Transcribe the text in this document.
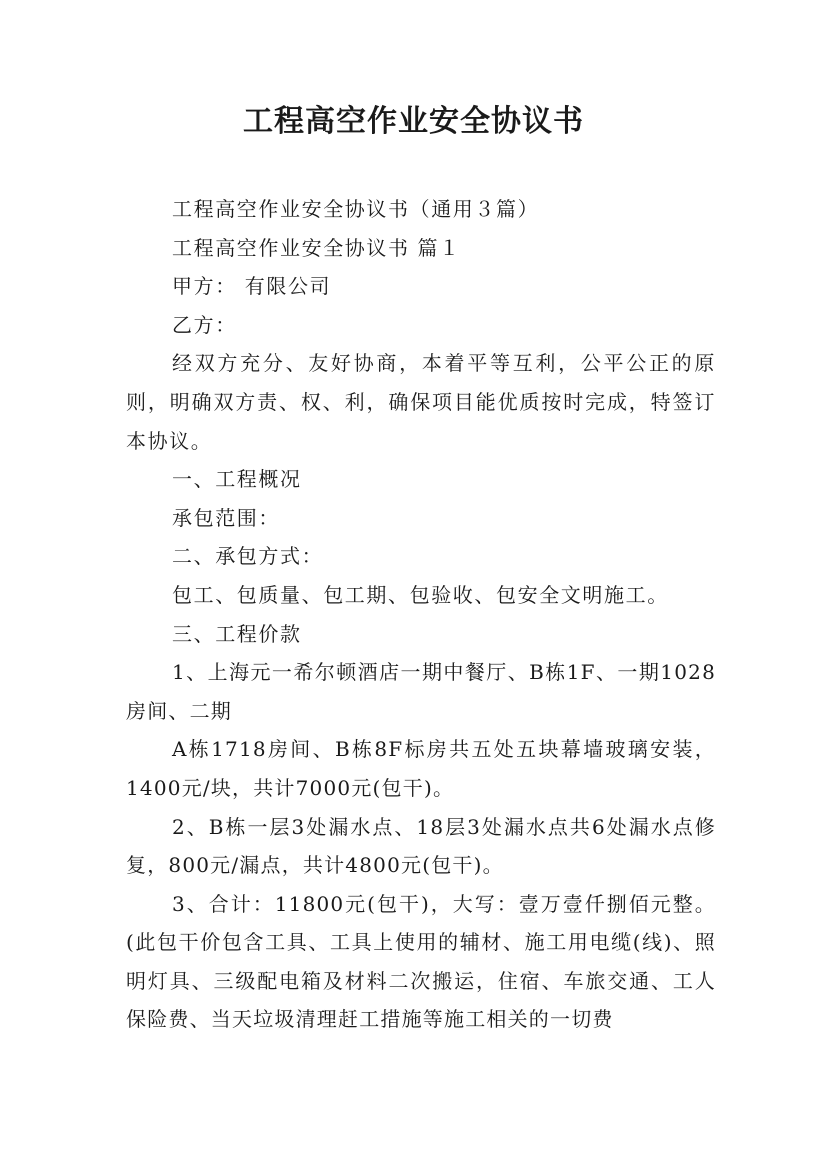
工程高空作业安全协议书

工程高空作业安全协议书（通用３篇）

工程高空作业安全协议书 篇１

甲方： 有限公司

乙方：

经双方充分、友好协商，本着平等互利，公平公正的原则，明确双方责、权、利，确保项目能优质按时完成，特签订本协议。

一、工程概况

承包范围：

二、承包方式：

包工、包质量、包工期、包验收、包安全文明施工。

三、工程价款

1、上海元一希尔顿酒店一期中餐厅、B栋1F、一期1028房间、二期

A栋1718房间、B栋8F标房共五处五块幕墙玻璃安装，1400元/块，共计7000元(包干)。

2、B栋一层3处漏水点、18层3处漏水点共6处漏水点修复，800元/漏点，共计4800元(包干)。

3、合计：11800元(包干)，大写：壹万壹仟捌佰元整。(此包干价包含工具、工具上使用的辅材、施工用电缆(线)、照明灯具、三级配电箱及材料二次搬运，住宿、车旅交通、工人保险费、当天垃圾清理赶工措施等施工相关的一切费
